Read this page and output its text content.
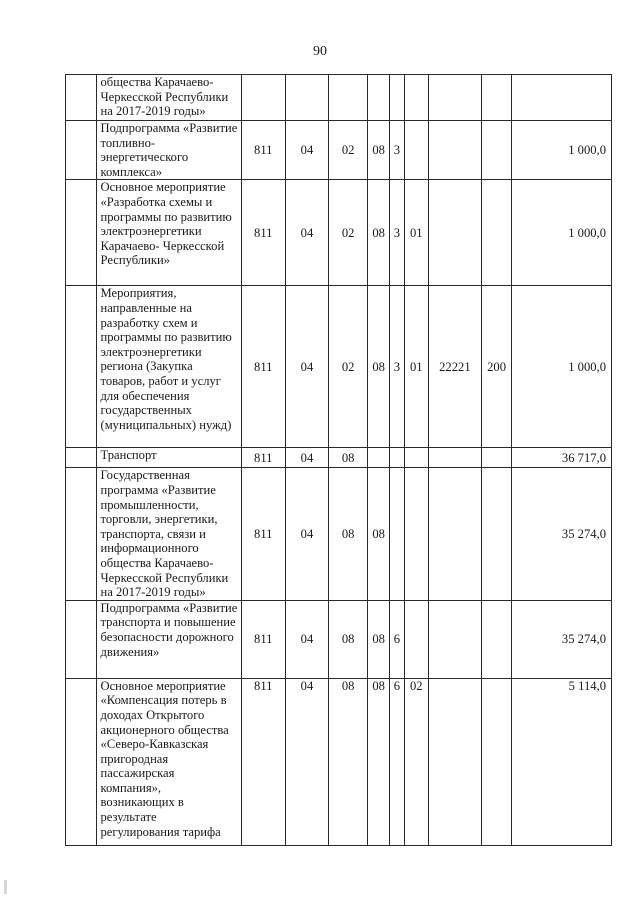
90
	общества Карачаево-Черкесской Республики на 2017-2019 годы»									
	Подпрограмма «Развитие топливно-энергетического комплекса»	811	04	02	08	3				1 000,0
	Основное мероприятие «Разработка схемы и программы по развитию электроэнергетики Карачаево- Черкесской Республики»	811	04	02	08	3	01			1 000,0
	Мероприятия, направленные на разработку схем и программы по развитию электроэнергетики региона (Закупка товаров, работ и услуг для обеспечения государственных (муниципальных) нужд)	811	04	02	08	3	01	22221	200	1 000,0
	Транспорт	811	04	08						36 717,0
	Государственная программа «Развитие промышленности, торговли, энергетики, транспорта, связи и информационного общества Карачаево-Черкесской Республики на 2017-2019 годы»	811	04	08	08					35 274,0
	Подпрограмма «Развитие транспорта и повышение безопасности дорожного движения»	811	04	08	08	6				35 274,0
	Основное мероприятие «Компенсация потерь в доходах Открытого акционерного общества «Северо-Кавказская пригородная пассажирская компания», возникающих в результате регулирования тарифа	811	04	08	08	6	02			5 114,0
